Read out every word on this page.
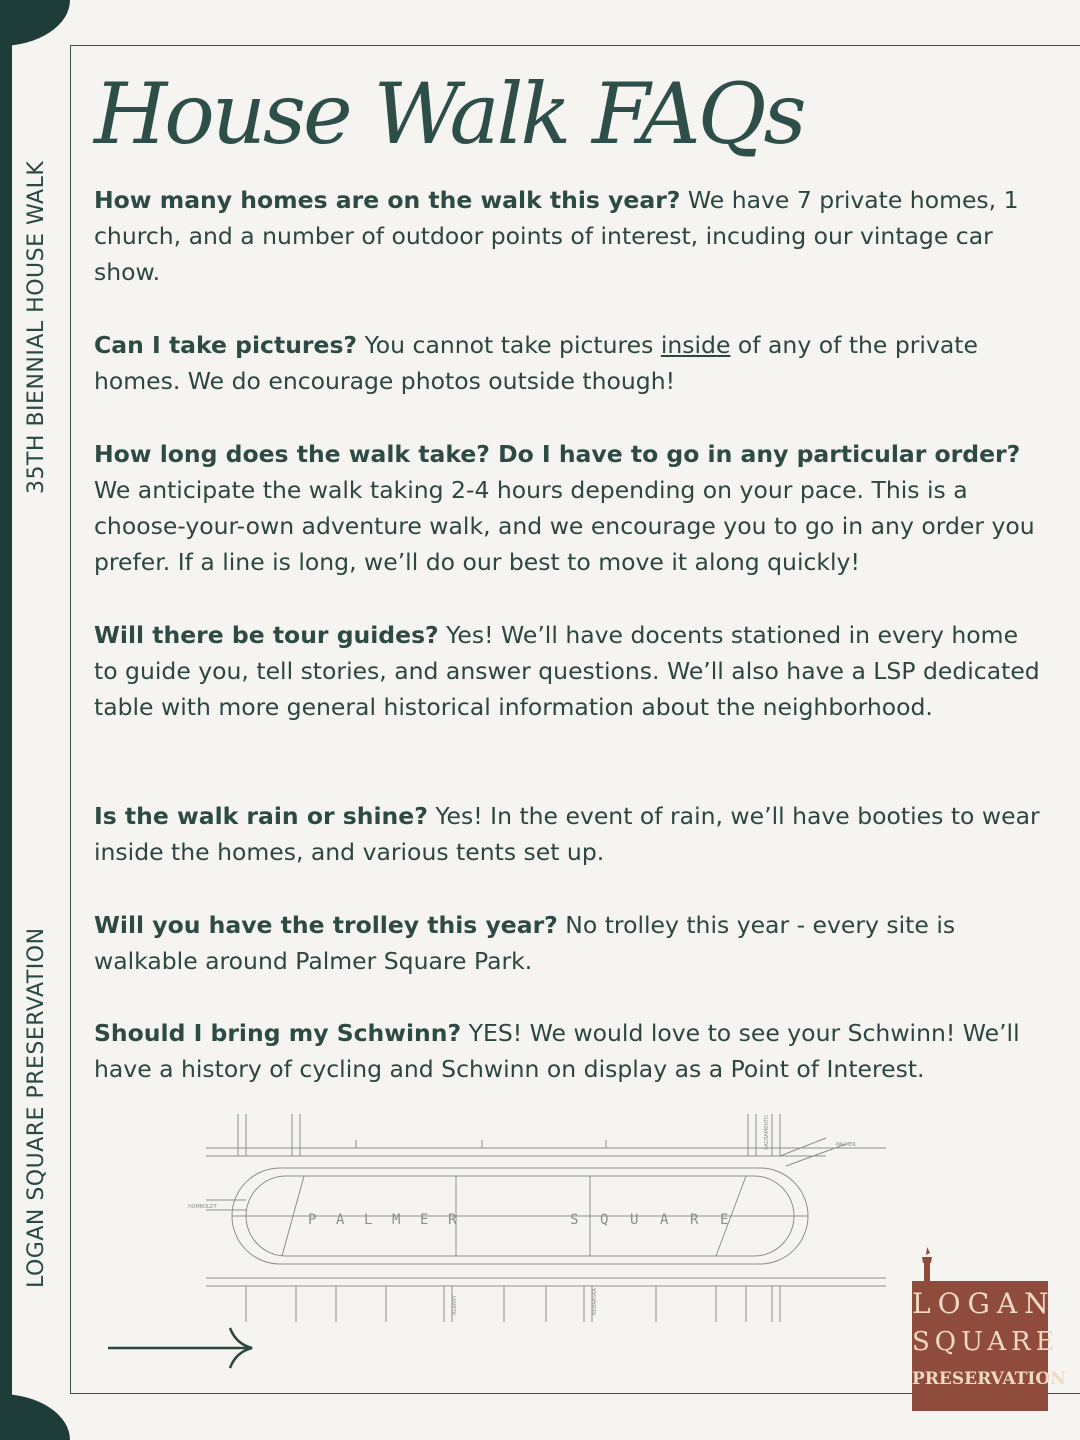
35TH BIENNIAL HOUSE WALK
LOGAN SQUARE PRESERVATION
House Walk FAQs

How many homes are on the walk this year? We have 7 private homes, 1 church, and a number of outdoor points of interest, incuding our vintage car show.

Can I take pictures? You cannot take pictures inside of any of the private homes. We do encourage photos outside though!

How long does the walk take? Do I have to go in any particular order? We anticipate the walk taking 2-4 hours depending on your pace. This is a choose-your-own adventure walk, and we encourage you to go in any order you prefer. If a line is long, we’ll do our best to move it along quickly!

Will there be tour guides? Yes! We’ll have docents stationed in every home to guide you, tell stories, and answer questions. We’ll also have a LSP dedicated table with more general historical information about the neighborhood.

Is the walk rain or shine? Yes! In the event of rain, we’ll have booties to wear inside the homes, and various tents set up.

Will you have the trolley this year? No trolley this year - every site is walkable around Palmer Square Park.

Should I bring my Schwinn? YES! We would love to see your Schwinn! We’ll have a history of cycling and Schwinn on display as a Point of Interest.

P A L M E R	S Q U A R E
HUMBOLDT
PALMER
ALBANY	NEBRASKA
SACRAMENTO
LOGAN
SQUARE
PRESERVATION
